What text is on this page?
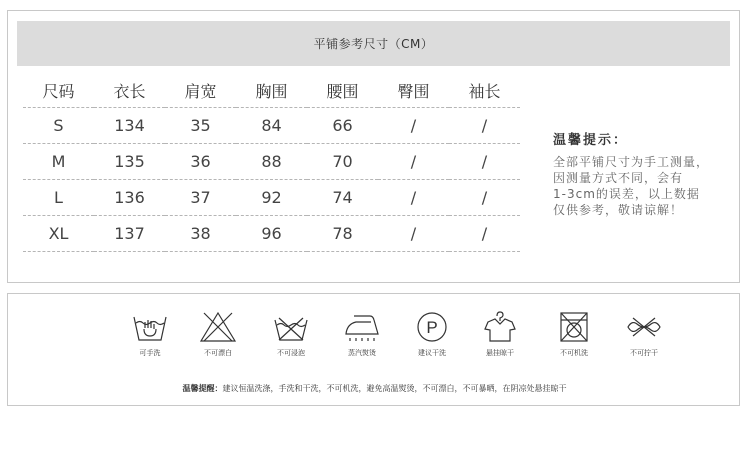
平铺参考尺寸（CM）
尺码	衣长	肩宽	胸围	腰围	臀围	袖长
S	134	35	84	66	/	/
M	135	36	88	70	/	/
L	136	37	92	74	/	/
XL	137	38	96	78	/	/
温馨提示：
全部平铺尺寸为手工测量，
因测量方式不同，会有
1-3cm的误差，以上数据
仅供参考，敬请谅解！
可手洗	不可漂白	不可浸泡	蒸汽熨烫
P
建议干洗	悬挂晾干	不可机洗	不可拧干
温馨提醒：建议恒温洗涤，手洗和干洗，不可机洗，避免高温熨烫，不可漂白，不可暴晒，在阴凉处悬挂晾干
